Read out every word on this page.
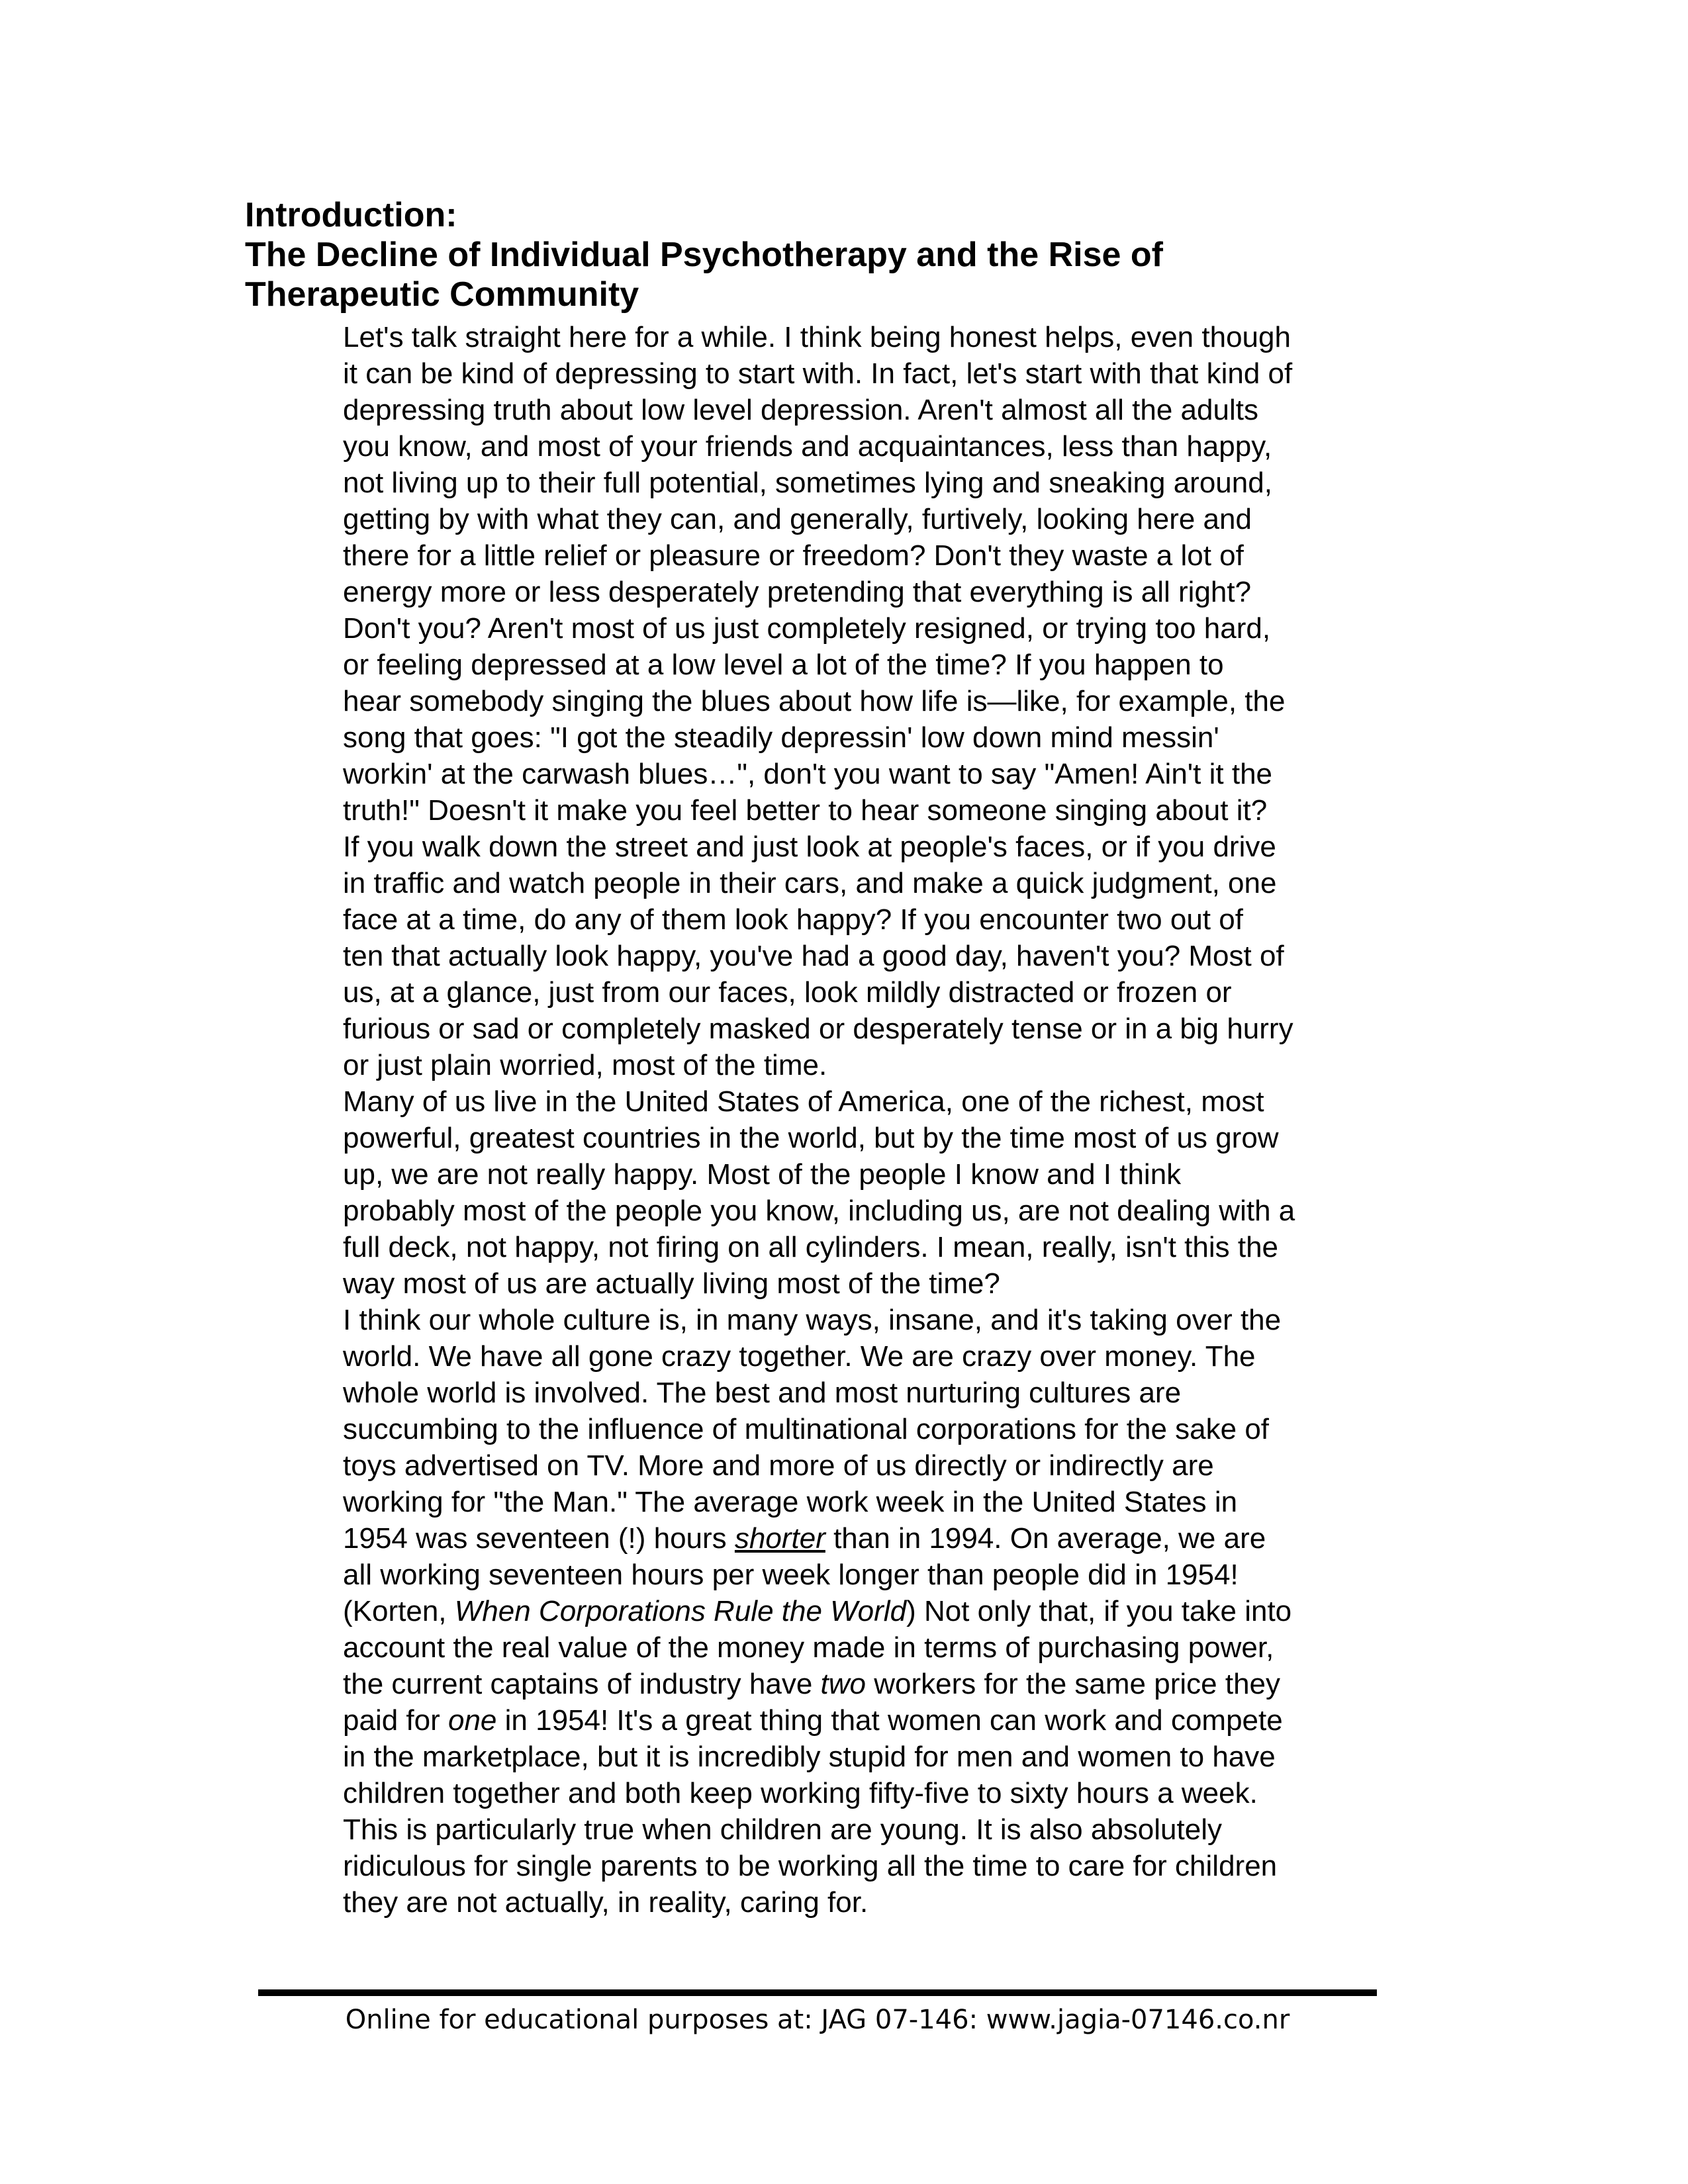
Introduction:
The Decline of Individual Psychotherapy and the Rise of
Therapeutic Community
Let's talk straight here for a while. I think being honest helps, even though
it can be kind of depressing to start with. In fact, let's start with that kind of
depressing truth about low level depression. Aren't almost all the adults
you know, and most of your friends and acquaintances, less than happy,
not living up to their full potential, sometimes lying and sneaking around,
getting by with what they can, and generally, furtively, looking here and
there for a little relief or pleasure or freedom? Don't they waste a lot of
energy more or less desperately pretending that everything is all right?
Don't you? Aren't most of us just completely resigned, or trying too hard,
or feeling depressed at a low level a lot of the time? If you happen to
hear somebody singing the blues about how life is—like, for example, the
song that goes: "I got the steadily depressin' low down mind messin'
workin' at the carwash blues…", don't you want to say "Amen! Ain't it the
truth!" Doesn't it make you feel better to hear someone singing about it?
If you walk down the street and just look at people's faces, or if you drive
in traffic and watch people in their cars, and make a quick judgment, one
face at a time, do any of them look happy? If you encounter two out of
ten that actually look happy, you've had a good day, haven't you? Most of
us, at a glance, just from our faces, look mildly distracted or frozen or
furious or sad or completely masked or desperately tense or in a big hurry
or just plain worried, most of the time.
Many of us live in the United States of America, one of the richest, most
powerful, greatest countries in the world, but by the time most of us grow
up, we are not really happy. Most of the people I know and I think
probably most of the people you know, including us, are not dealing with a
full deck, not happy, not firing on all cylinders. I mean, really, isn't this the
way most of us are actually living most of the time?
I think our whole culture is, in many ways, insane, and it's taking over the
world. We have all gone crazy together. We are crazy over money. The
whole world is involved. The best and most nurturing cultures are
succumbing to the influence of multinational corporations for the sake of
toys advertised on TV. More and more of us directly or indirectly are
working for "the Man." The average work week in the United States in
1954 was seventeen (!) hours shorter than in 1994. On average, we are
all working seventeen hours per week longer than people did in 1954!
(Korten, When Corporations Rule the World) Not only that, if you take into
account the real value of the money made in terms of purchasing power,
the current captains of industry have two workers for the same price they
paid for one in 1954! It's a great thing that women can work and compete
in the marketplace, but it is incredibly stupid for men and women to have
children together and both keep working fifty-five to sixty hours a week.
This is particularly true when children are young. It is also absolutely
ridiculous for single parents to be working all the time to care for children
they are not actually, in reality, caring for.
Online for educational purposes at: JAG 07-146: www.jagia-07146.co.nr
